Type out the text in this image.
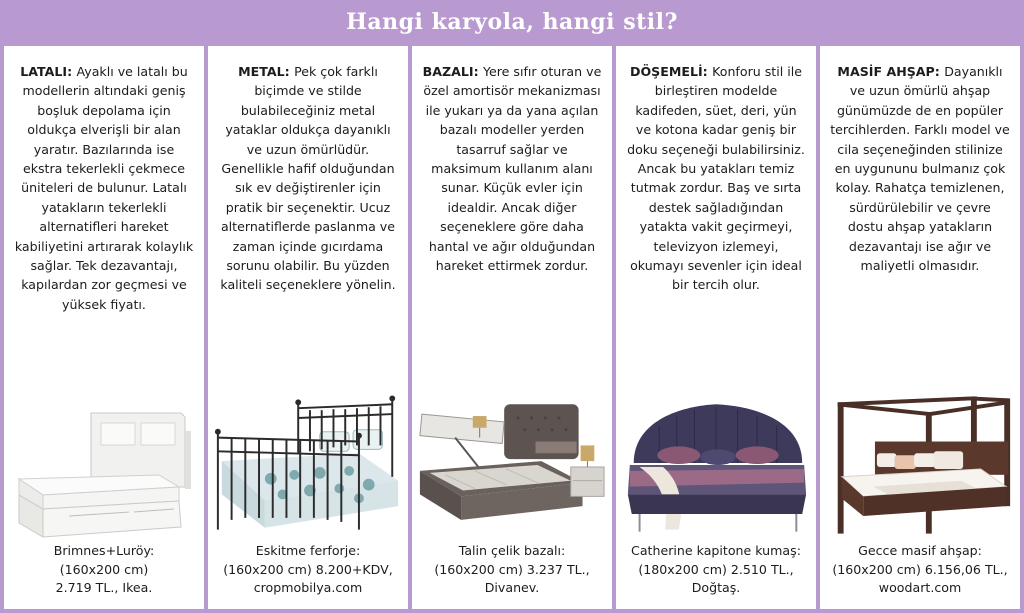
Hangi karyola, hangi stil?
LATALI: Ayaklı ve latalı bu modellerin altındaki geniş boşluk depolama için oldukça elverişli bir alan yaratır. Bazılarında ise ekstra tekerlekli çekmece üniteleri de bulunur. Latalı yatakların tekerlekli alternatifleri hareket kabiliyetini artırarak kolaylık sağlar. Tek dezavantajı, kapılardan zor geçmesi ve yüksek fiyatı.
Brimnes+Luröy:
(160x200 cm)
2.719 TL., Ikea.
METAL: Pek çok farklı biçimde ve stilde bulabileceğiniz metal yataklar oldukça dayanıklı ve uzun ömürlüdür. Genellikle hafif olduğundan sık ev değiştirenler için pratik bir seçenektir. Ucuz alternatiflerde paslanma ve zaman içinde gıcırdama sorunu olabilir. Bu yüzden kaliteli seçeneklere yönelin.
Eskitme ferforje:
(160x200 cm) 8.200+KDV,
cropmobilya.com
BAZALI: Yere sıfır oturan ve özel amortisör mekanizması ile yukarı ya da yana açılan bazalı modeller yerden tasarruf sağlar ve maksimum kullanım alanı sunar. Küçük evler için idealdir. Ancak diğer seçeneklere göre daha hantal ve ağır olduğundan hareket ettirmek zordur.
Talin çelik bazalı:
(160x200 cm) 3.237 TL.,
Divanev.
DÖŞEMELİ: Konforu stil ile birleştiren modelde kadifeden, süet, deri, yün ve kotona kadar geniş bir doku seçeneği bulabilirsiniz. Ancak bu yatakları temiz tutmak zordur. Baş ve sırta destek sağladığından yatakta vakit geçirmeyi, televizyon izlemeyi, okumayı sevenler için ideal bir tercih olur.
Catherine kapitone kumaş:
(180x200 cm) 2.510 TL.,
Doğtaş.
MASİF AHŞAP: Dayanıklı ve uzun ömürlü ahşap günümüzde de en popüler tercihlerden. Farklı model ve cila seçeneğinden stilinize en uygununu bulmanız çok kolay. Rahatça temizlenen, sürdürülebilir ve çevre dostu ahşap yatakların dezavantajı ise ağır ve maliyetli olmasıdır.
Gecce masif ahşap:
(160x200 cm) 6.156,06 TL.,
woodart.com
